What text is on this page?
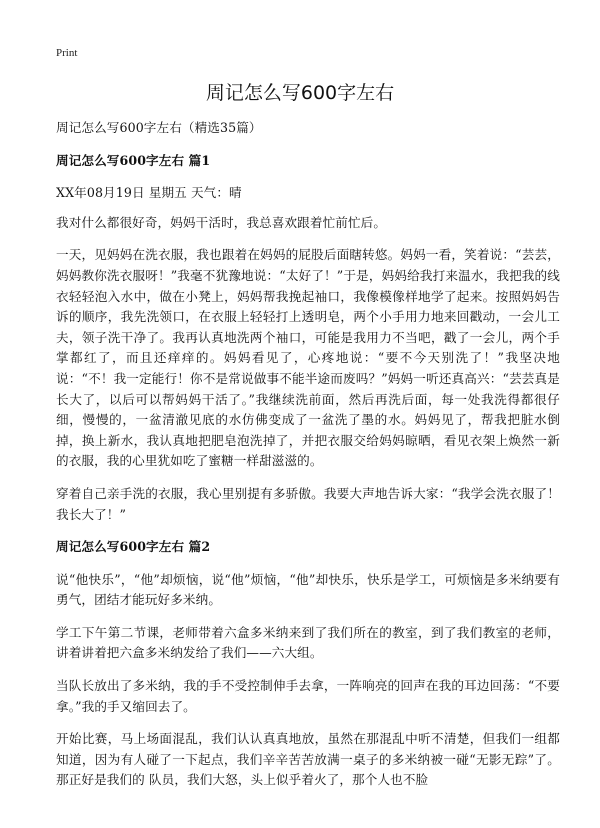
Print
周记怎么写600字左右

周记怎么写600字左右（精选35篇）

周记怎么写600字左右 篇1

XX年08月19日 星期五 天气：晴

我对什么都很好奇，妈妈干活时，我总喜欢跟着忙前忙后。

一天，见妈妈在洗衣服，我也跟着在妈妈的屁股后面瞎转悠。妈妈一看，笑着说：“芸芸，妈妈教你洗衣服呀！”我毫不犹豫地说：“太好了！”于是，妈妈给我打来温水，我把我的线衣轻轻泡入水中，做在小凳上，妈妈帮我挽起袖口，我像模像样地学了起来。按照妈妈告诉的顺序，我先洗领口，在衣服上轻轻打上透明皂，两个小手用力地来回戳动，一会儿工夫，领子洗干净了。我再认真地洗两个袖口，可能是我用力不当吧，戳了一会儿，两个手掌都红了，而且还痒痒的。妈妈看见了，心疼地说：“要不今天别洗了！”我坚决地说：“不！我一定能行！你不是常说做事不能半途而废吗？”妈妈一听还真高兴：“芸芸真是长大了，以后可以帮妈妈干活了。”我继续洗前面，然后再洗后面，每一处我洗得都很仔细，慢慢的，一盆清澈见底的水仿佛变成了一盆洗了墨的水。妈妈见了，帮我把脏水倒掉，换上新水，我认真地把肥皂泡洗掉了，并把衣服交给妈妈晾晒，看见衣架上焕然一新的衣服，我的心里犹如吃了蜜糖一样甜滋滋的。

穿着自己亲手洗的衣服，我心里别提有多骄傲。我要大声地告诉大家：“我学会洗衣服了！我长大了！”

周记怎么写600字左右 篇2

说“他快乐”，“他”却烦恼，说“他”烦恼，“他”却快乐，快乐是学工，可烦恼是多米纳要有勇气，团结才能玩好多米纳。

学工下午第二节课，老师带着六盒多米纳来到了我们所在的教室，到了我们教室的老师，讲着讲着把六盒多米纳发给了我们——六大组。

当队长放出了多米纳，我的手不受控制伸手去拿，一阵响亮的回声在我的耳边回荡：“不要拿。”我的手又缩回去了。

开始比赛，马上场面混乱，我们认认真真地放，虽然在那混乱中听不清楚，但我们一组都知道，因为有人碰了一下起点，我们辛辛苦苦放满一桌子的多米纳被一碰“无影无踪”了。那正好是我们的 队员，我们大怒，头上似乎着火了，那个人也不脸
